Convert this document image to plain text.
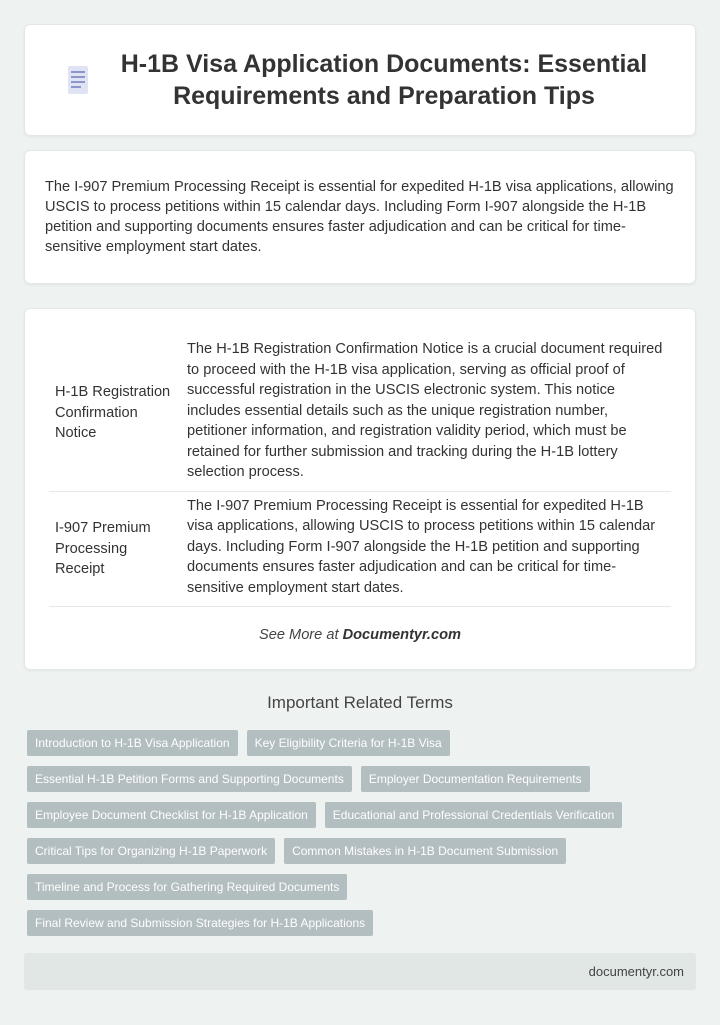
H-1B Visa Application Documents: Essential Requirements and Preparation Tips

The I-907 Premium Processing Receipt is essential for expedited H-1B visa applications, allowing USCIS to process petitions within 15 calendar days. Including Form I-907 alongside the H-1B petition and supporting documents ensures faster adjudication and can be critical for time-sensitive employment start dates.

H-1B Registration Confirmation Notice	The H-1B Registration Confirmation Notice is a crucial document required to proceed with the H-1B visa application, serving as official proof of successful registration in the USCIS electronic system. This notice includes essential details such as the unique registration number, petitioner information, and registration validity period, which must be retained for further submission and tracking during the H-1B lottery selection process.
I-907 Premium Processing Receipt	The I-907 Premium Processing Receipt is essential for expedited H-1B visa applications, allowing USCIS to process petitions within 15 calendar days. Including Form I-907 alongside the H-1B petition and supporting documents ensures faster adjudication and can be critical for time-sensitive employment start dates.
See More at Documentyr.com
Important Related Terms
Introduction to H-1B Visa Application	Key Eligibility Criteria for H-1B Visa
Essential H-1B Petition Forms and Supporting Documents	Employer Documentation Requirements
Employee Document Checklist for H-1B Application	Educational and Professional Credentials Verification
Critical Tips for Organizing H-1B Paperwork	Common Mistakes in H-1B Document Submission
Timeline and Process for Gathering Required Documents
Final Review and Submission Strategies for H-1B Applications
documentyr.com
